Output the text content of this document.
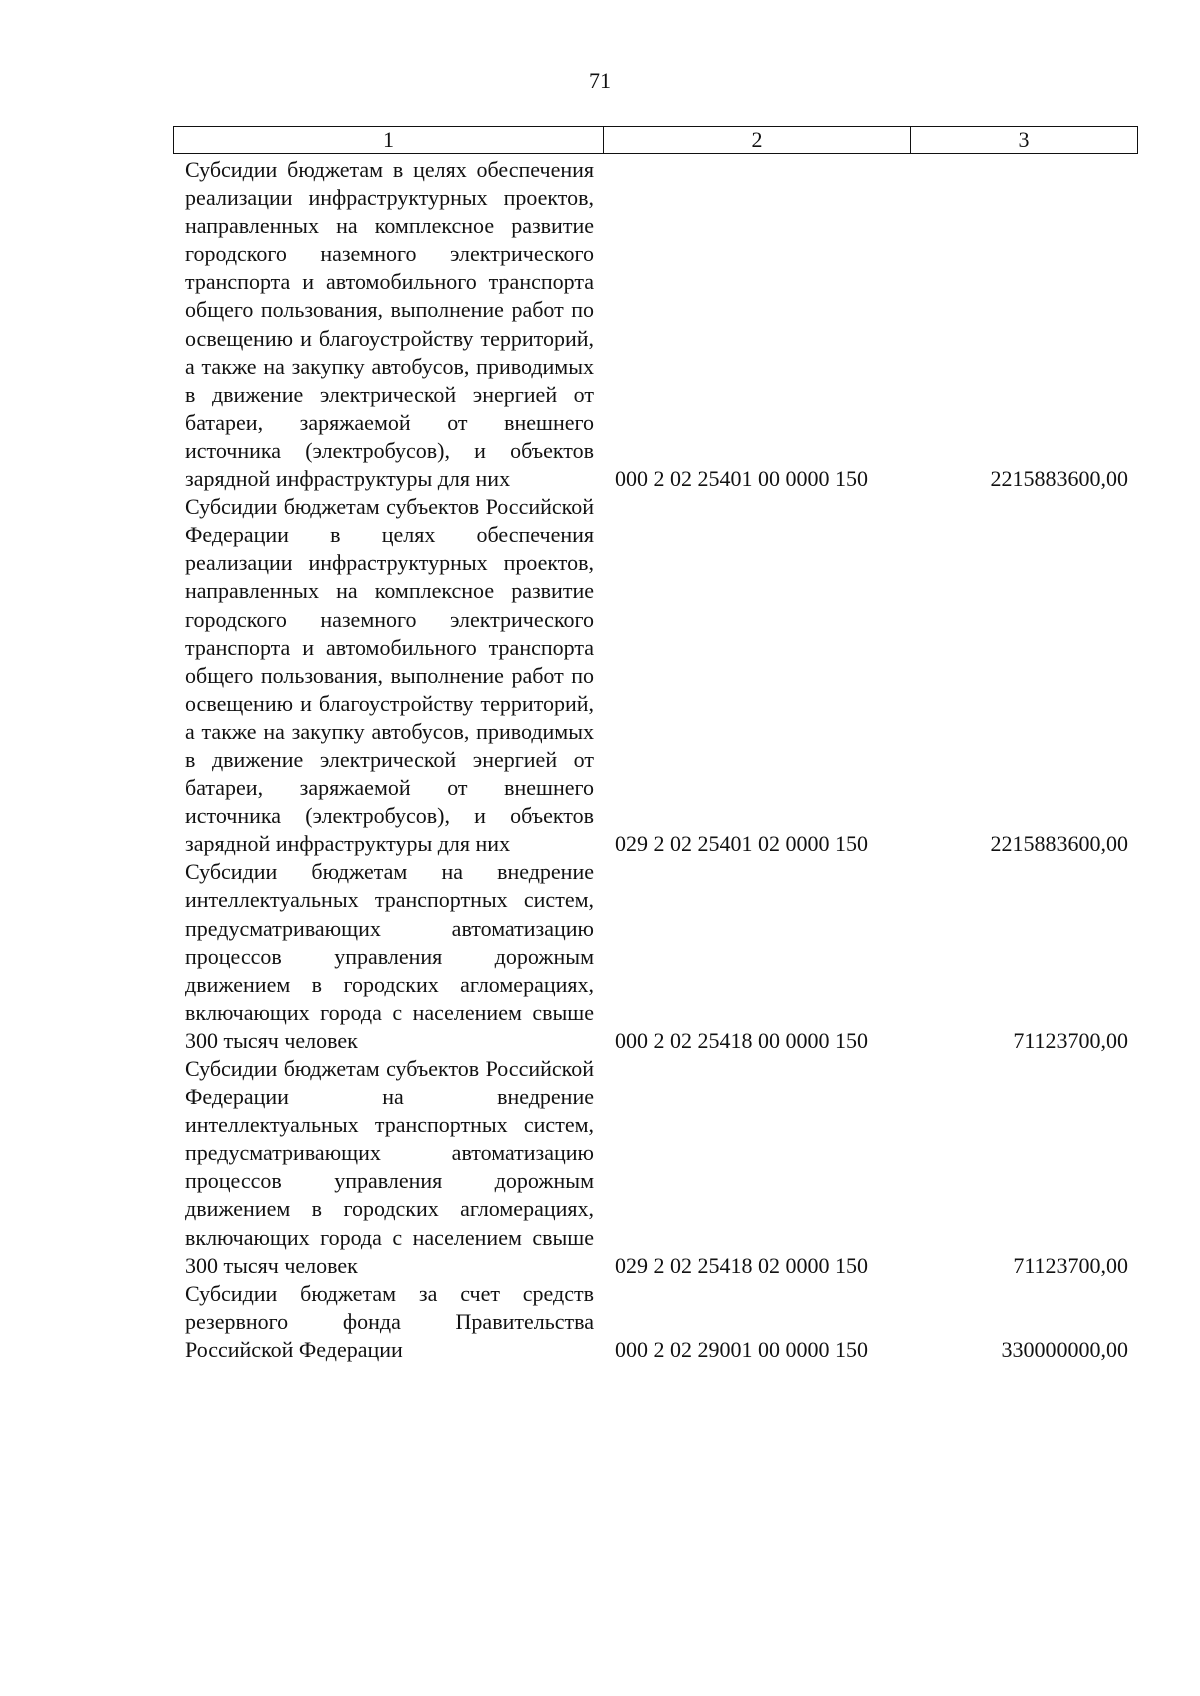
71
1	2	3
Субсидии бюджетам в целях обеспечения реализации инфраструктурных проектов, направленных на комплексное развитие городского наземного электрического транспорта и автомобильного транспорта общего пользования, выполнение работ по освещению и благоустройству территорий, а также на закупку автобусов, приводимых в движение электрической энергией от батареи, заряжаемой от внешнего источника (электробусов), и объектов зарядной инфраструктуры для них	000 2 02 25401 00 0000 150	2215883600,00
Субсидии бюджетам субъектов Российской Федерации в целях обеспечения реализации инфраструктурных проектов, направленных на комплексное развитие городского наземного электрического транспорта и автомобильного транспорта общего пользования, выполнение работ по освещению и благоустройству территорий, а также на закупку автобусов, приводимых в движение электрической энергией от батареи, заряжаемой от внешнего источника (электробусов), и объектов зарядной инфраструктуры для них	029 2 02 25401 02 0000 150	2215883600,00
Субсидии бюджетам на внедрение интеллектуальных транспортных систем, предусматривающих автоматизацию процессов управления дорожным движением в городских агломерациях, включающих города с населением свыше 300 тысяч человек	000 2 02 25418 00 0000 150	71123700,00
Субсидии бюджетам субъектов Российской Федерации на внедрение интеллектуальных транспортных систем, предусматривающих автоматизацию процессов управления дорожным движением в городских агломерациях, включающих города с населением свыше 300 тысяч человек	029 2 02 25418 02 0000 150	71123700,00
Субсидии бюджетам за счет средств резервного фонда Правительства Российской Федерации	000 2 02 29001 00 0000 150	330000000,00
